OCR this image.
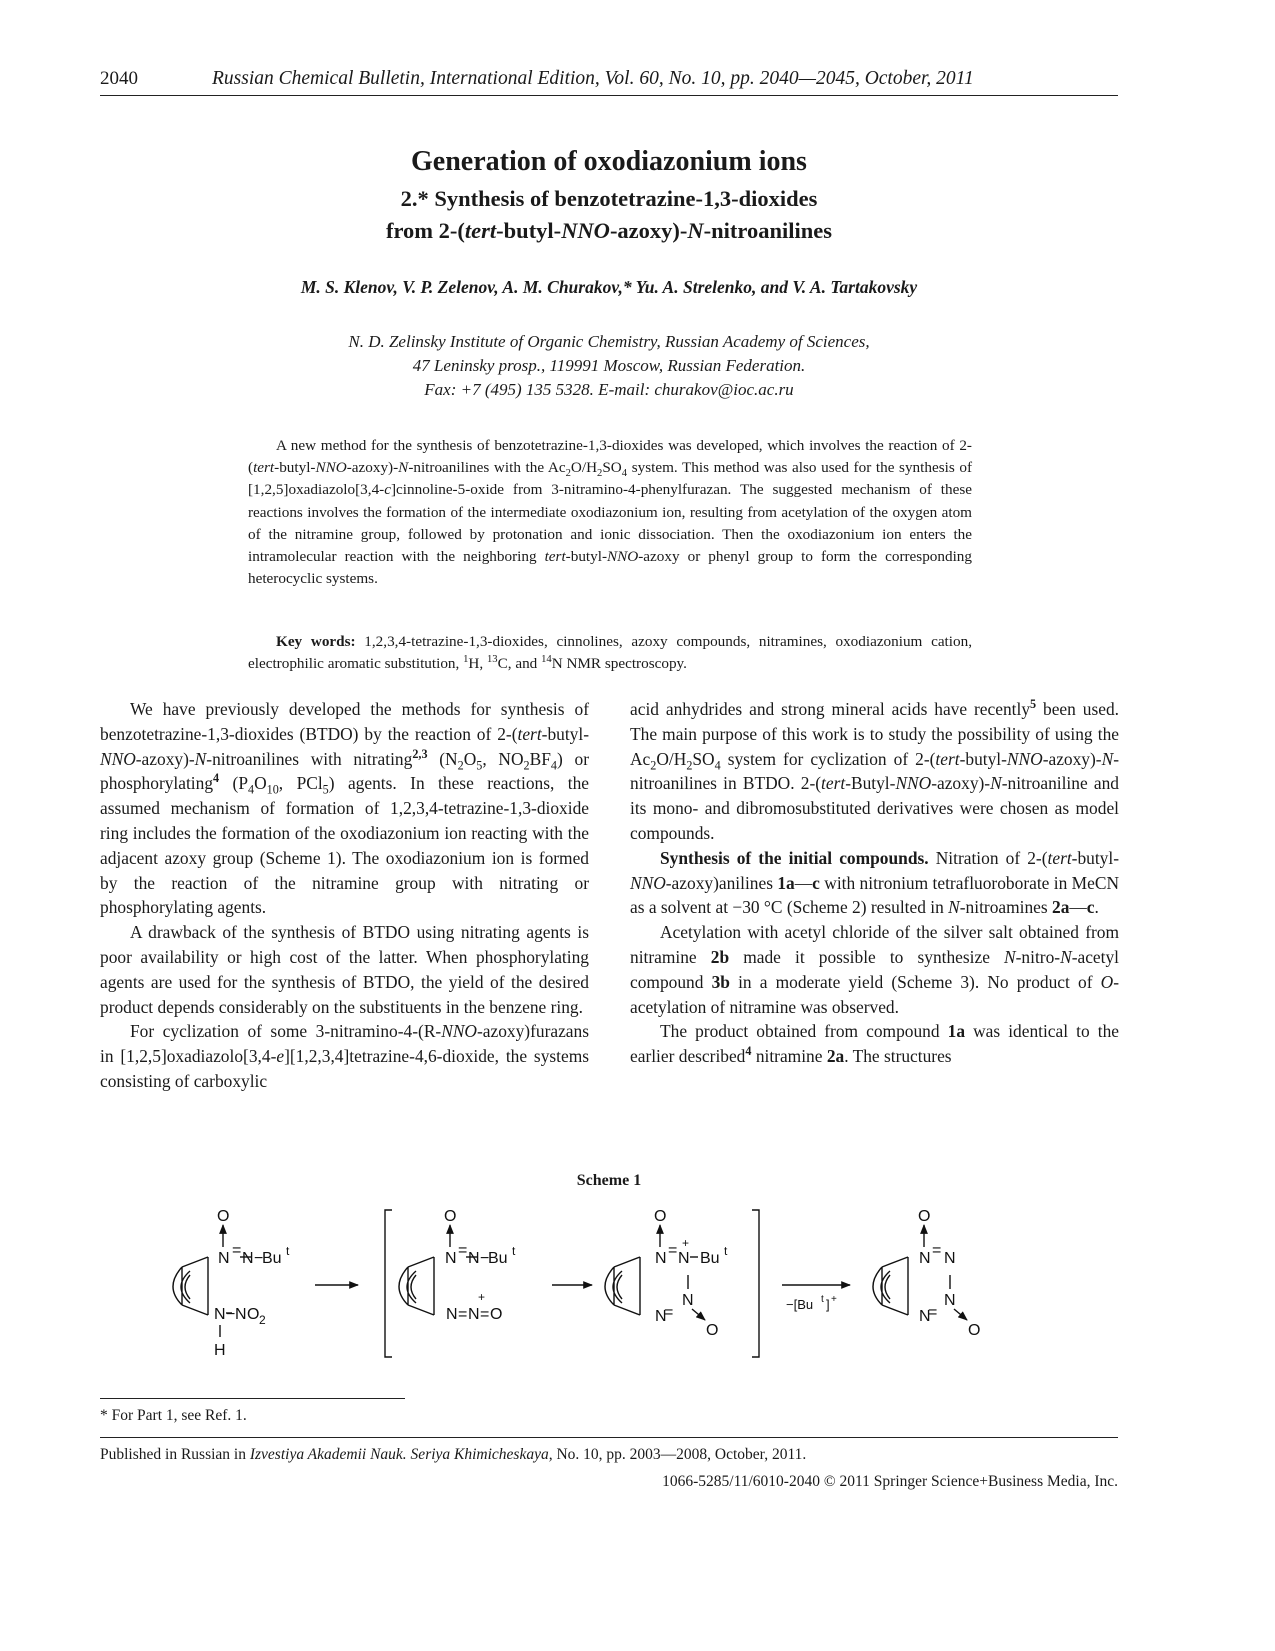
2040	Russian Chemical Bulletin, International Edition, Vol. 60, No. 10, pp. 2040—2045, October, 2011
Generation of oxodiazonium ions
2.* Synthesis of benzotetrazine-1,3-dioxides
from 2-(tert-butyl-NNO-azoxy)-N-nitroanilines
M. S. Klenov, V. P. Zelenov, A. M. Churakov,* Yu. A. Strelenko, and V. A. Tartakovsky
N. D. Zelinsky Institute of Organic Chemistry, Russian Academy of Sciences,
47 Leninsky prosp., 119991 Moscow, Russian Federation.
Fax: +7 (495) 135 5328. E-mail: churakov@ioc.ac.ru
A new method for the synthesis of benzotetrazine-1,3-dioxides was developed, which involves the reaction of 2-(tert-butyl-NNO-azoxy)-N-nitroanilines with the $Ac_2O/H_2SO_4$ system. This method was also used for the synthesis of [1,2,5]oxadiazolo[3,4-c]cinnoline-5-oxide from 3-nitramino-4-phenylfurazan. The suggested mechanism of these reactions involves the formation of the intermediate oxodiazonium ion, resulting from acetylation of the oxygen atom of the nitramine group, followed by protonation and ionic dissociation. Then the oxodiazonium ion enters the intramolecular reaction with the neighboring tert-butyl-NNO-azoxy or phenyl group to form the corresponding heterocyclic systems.
Key words: 1,2,3,4-tetrazine-1,3-dioxides, cinnolines, azoxy compounds, nitramines, oxodiazonium cation, electrophilic aromatic substitution, $^1$H, $^{13}$C, and $^{14}$N NMR spectroscopy.

We have previously developed the methods for synthesis of benzotetrazine-1,3-dioxides (BTDO) by the reaction of 2-(tert-butyl-NNO-azoxy)-N-nitroanilines with nitrating$^{2,3}$ ($N_2O_5$, $NO_2BF_4$) or phosphorylating$^4$ ($P_4O_{10}$, PCl$_5$) agents. In these reactions, the assumed mechanism of formation of 1,2,3,4-tetrazine-1,3-dioxide ring includes the formation of the oxodiazonium ion reacting with the adjacent azoxy group (Scheme 1). The oxodiazonium ion is formed by the reaction of the nitramine group with nitrating or phosphorylating agents.

A drawback of the synthesis of BTDO using nitrating agents is poor availability or high cost of the latter. When phosphorylating agents are used for the synthesis of BTDO, the yield of the desired product depends considerably on the substituents in the benzene ring.

For cyclization of some 3-nitramino-4-(R-NNO-azoxy)furazans in [1,2,5]oxadiazolo[3,4-e][1,2,3,4]tetrazine-4,6-dioxide, the systems consisting of carboxylic

acid anhydrides and strong mineral acids have recently$^5$ been used. The main purpose of this work is to study the possibility of using the $Ac_2O/H_2SO_4$ system for cyclization of 2-(tert-butyl-NNO-azoxy)-N-nitroanilines in BTDO. 2-(tert-Butyl-NNO-azoxy)-N-nitroaniline and its mono- and dibromosubstituted derivatives were chosen as model compounds.

Synthesis of the initial compounds. Nitration of 2-(tert-butyl-NNO-azoxy)anilines 1a—c with nitronium tetrafluoroborate in MeCN as a solvent at −30 °C (Scheme 2) resulted in N-nitroamines 2a—c.

Acetylation with acetyl chloride of the silver salt obtained from nitramine 2b made it possible to synthesize N-nitro-N-acetyl compound 3b in a moderate yield (Scheme 3). No product of O-acetylation of nitramine was observed.

The product obtained from compound 1a was identical to the earlier described$^4$ nitramine 2a. The structures

Scheme 1
O
N = N −
Bu t
N − N O 2
H
O
N = N −
Bu t
+
N = N = O
O
N = N
+
Bu t
N
=
N
O
−[Bu t ] +
O
N = N
N
=
N
O
* For Part 1, see Ref. 1.
Published in Russian in Izvestiya Akademii Nauk. Seriya Khimicheskaya, No. 10, pp. 2003—2008, October, 2011.
1066-5285/11/6010-2040 © 2011 Springer Science+Business Media, Inc.
